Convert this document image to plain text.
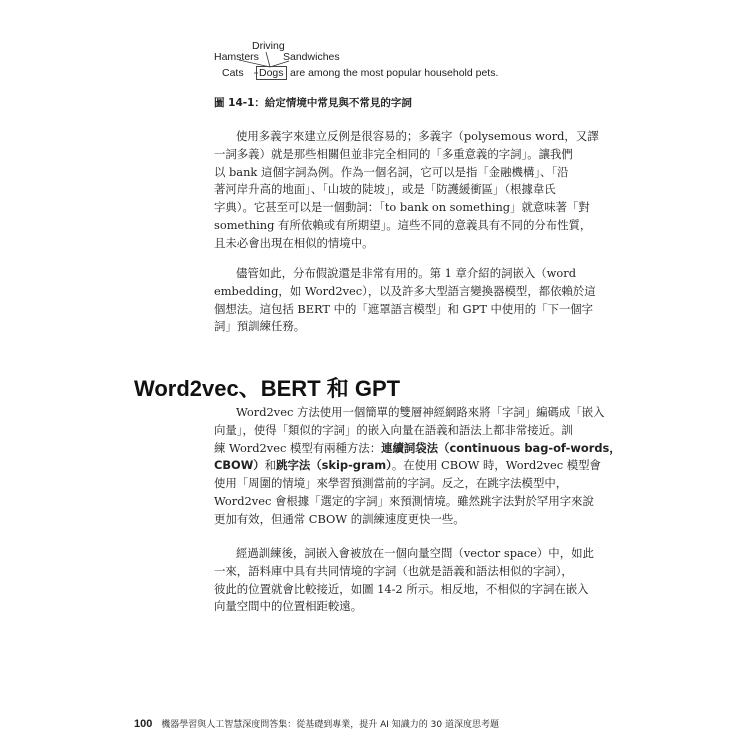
Hamsters
Driving
Sandwiches
Cats Dogs are among the most popular household pets.
圖 14-1：給定情境中常見與不常見的字詞
使用多義字來建立反例是很容易的；多義字（polysemous word，又譯
一詞多義）就是那些相關但並非完全相同的「多重意義的字詞」。讓我們
以 bank 這個字詞為例。作為一個名詞，它可以是指「金融機構」、「沿
著河岸升高的地面」、「山坡的陡坡」，或是「防護緩衝區」（根據韋氏
字典）。它甚至可以是一個動詞：「to bank on something」就意味著「對
something 有所依賴或有所期望」。這些不同的意義具有不同的分布性質，
且未必會出現在相似的情境中。
儘管如此，分布假說還是非常有用的。第 1 章介紹的詞嵌入（word
embedding，如 Word2vec），以及許多大型語言變換器模型，都依賴於這
個想法。這包括 BERT 中的「遮罩語言模型」和 GPT 中使用的「下一個字
詞」預訓練任務。
Word2vec、BERT 和 GPT
Word2vec 方法使用一個簡單的雙層神經網路來將「字詞」編碼成「嵌入
向量」，使得「類似的字詞」的嵌入向量在語義和語法上都非常接近。訓
練 Word2vec 模型有兩種方法：連續詞袋法（continuous bag-of-words，
CBOW）和跳字法（skip-gram）。在使用 CBOW 時，Word2vec 模型會
使用「周圍的情境」來學習預測當前的字詞。反之，在跳字法模型中，
Word2vec 會根據「選定的字詞」來預測情境。雖然跳字法對於罕用字來說
更加有效，但通常 CBOW 的訓練速度更快一些。
經過訓練後，詞嵌入會被放在一個向量空間（vector space）中，如此
一來，語料庫中具有共同情境的字詞（也就是語義和語法相似的字詞），
彼此的位置就會比較接近，如圖 14-2 所示。相反地，不相似的字詞在嵌入
向量空間中的位置相距較遠。
100 機器學習與人工智慧深度問答集：從基礎到專業，提升 AI 知識力的 30 道深度思考題
